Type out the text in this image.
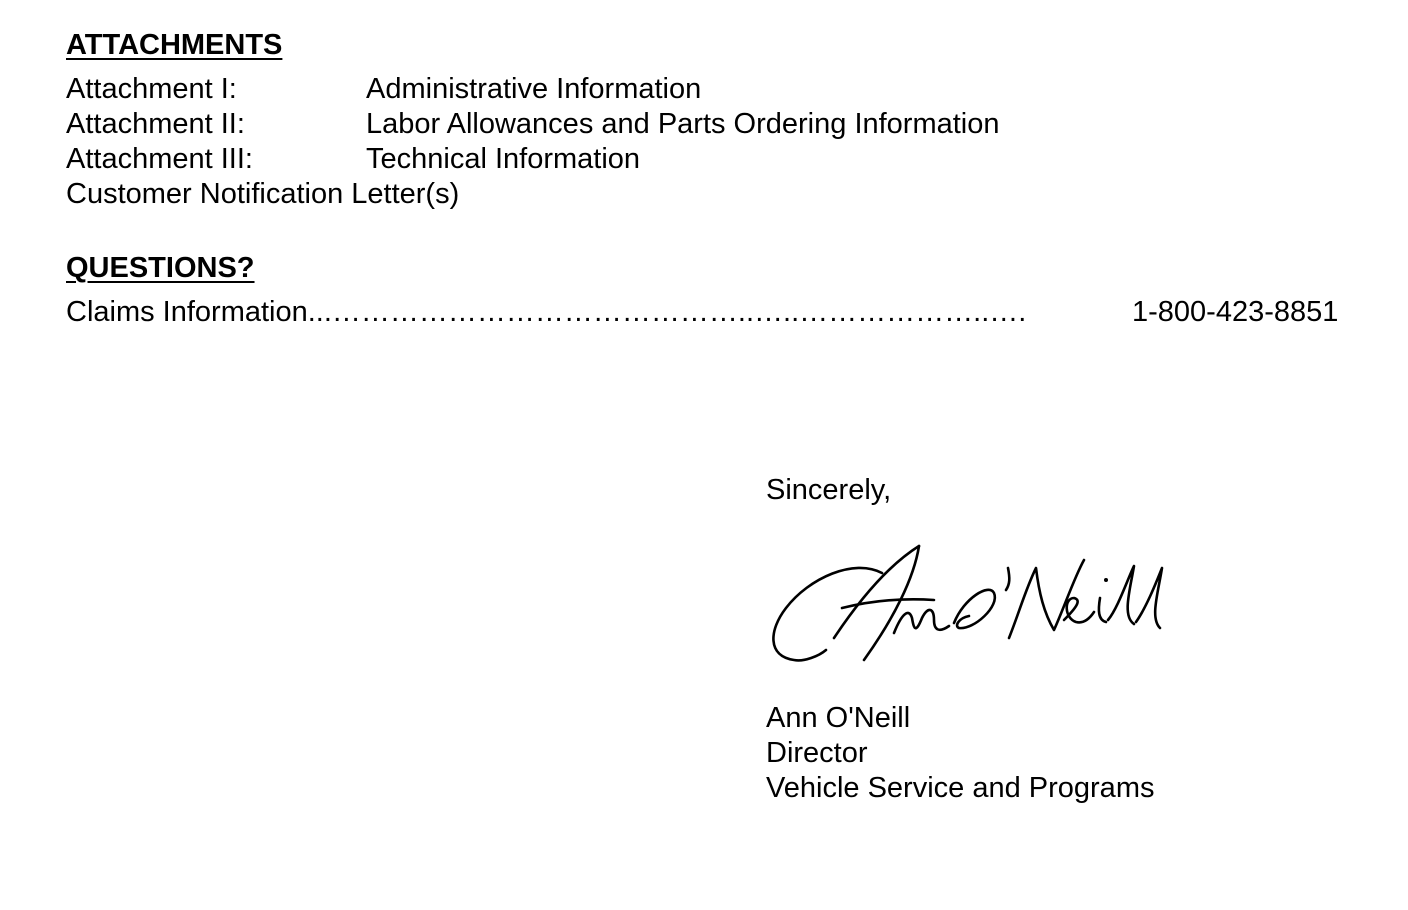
ATTACHMENTS
Attachment I:	Administrative Information
Attachment II:	Labor Allowances and Parts Ordering Information
Attachment III:	Technical Information
Customer Notification Letter(s)
QUESTIONS?
Claims Information ...……………………………………..…..………………..….	1-800-423-8851
Sincerely,
Ann O'Neill
Director
Vehicle Service and Programs
